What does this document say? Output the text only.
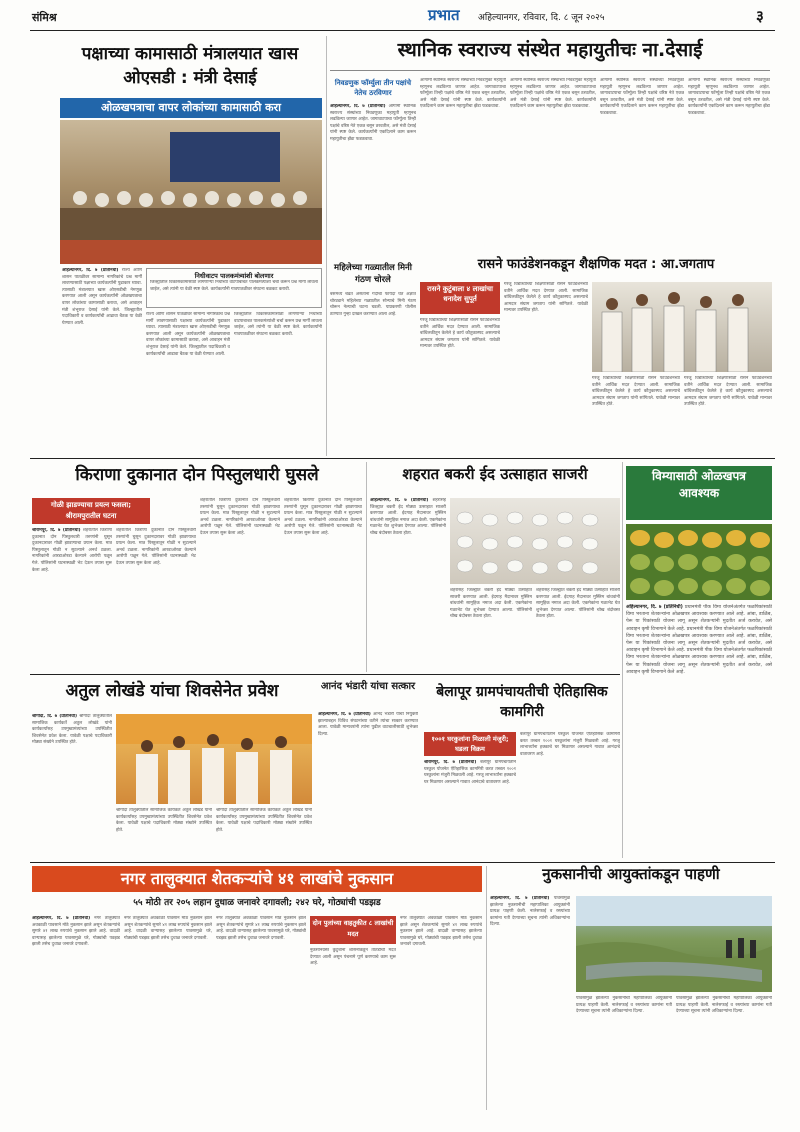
संमिश्र	प्रभात अहिल्यानगर, रविवार, दि. ८ जून २०२५	३
पक्षाच्या कामासाठी मंत्रालयात खास ओएसडी : मंत्री देसाई
ओळखपत्राचा वापर लोकांच्या कामासाठी करा
अहिल्यानगर, दि. ७ (प्रतिनिधी) राज्य आणि शासन पातळीवर सामान्य नागरिकांचे प्रश्न मार्गी लावण्यासाठी पक्षाच्या कार्यकर्त्यांनी पुढाकार घ्यावा. त्यासाठी मंत्रालयात खास ओएसडीची नेमणूक करण्यात आली असून कार्यकर्त्यांनी ओळखपत्राचा वापर लोकांच्या कामासाठी करावा, असे आवाहन मंत्री शंभूराज देसाई यांनी केले. जिल्ह्यातील पदाधिकारी व कार्यकर्त्यांची आढावा बैठक या वेळी घेण्यात आली.
निधीवाटप पालकमंत्र्यांशी बोलणार
जिल्ह्यातील विकासकामांसाठी लागणाऱ्या निधीच्या वाटपाबाबत पालकमंत्र्यांशी चर्चा करून प्रश्न मार्गी लावला जाईल, असे त्यांनी या वेळी स्पष्ट केले. कार्यकर्त्यांनी गावपातळीवर संघटना बळकट करावी.
राज्य आणि शासन पातळीवर सामान्य नागरिकांचे प्रश्न मार्गी लावण्यासाठी पक्षाच्या कार्यकर्त्यांनी पुढाकार घ्यावा. त्यासाठी मंत्रालयात खास ओएसडीची नेमणूक करण्यात आली असून कार्यकर्त्यांनी ओळखपत्राचा वापर लोकांच्या कामासाठी करावा, असे आवाहन मंत्री शंभूराज देसाई यांनी केले. जिल्ह्यातील पदाधिकारी व कार्यकर्त्यांची आढावा बैठक या वेळी घेण्यात आली.
जिल्ह्यातील विकासकामांसाठी लागणाऱ्या निधीच्या वाटपाबाबत पालकमंत्र्यांशी चर्चा करून प्रश्न मार्गी लावला जाईल, असे त्यांनी या वेळी स्पष्ट केले. कार्यकर्त्यांनी गावपातळीवर संघटना बळकट करावी.
स्थानिक स्वराज्य संस्थेत महायुतीचः ना.देसाई
निवडणुक फॉर्म्युला तीन पक्षांचे नेतेच ठरविणार
अहिल्यानगर, दि. ७ (प्रतिनिधी) आगामी स्थानिक स्वराज्य संस्थांच्या निवडणुका महायुती म्हणूनच लढविल्या जाणार आहेत. जागावाटपाचा फॉर्म्युला तिन्ही पक्षांचे वरिष्ठ नेते एकत्र बसून ठरवतील, असे मंत्री देसाई यांनी स्पष्ट केले. कार्यकर्त्यांनी एकदिलाने काम करून महायुतीचा झेंडा फडकवावा.
आगामी स्थानिक स्वराज्य संस्थांच्या निवडणुका महायुती म्हणूनच लढविल्या जाणार आहेत. जागावाटपाचा फॉर्म्युला तिन्ही पक्षांचे वरिष्ठ नेते एकत्र बसून ठरवतील, असे मंत्री देसाई यांनी स्पष्ट केले. कार्यकर्त्यांनी एकदिलाने काम करून महायुतीचा झेंडा फडकवावा.
आगामी स्थानिक स्वराज्य संस्थांच्या निवडणुका महायुती म्हणूनच लढविल्या जाणार आहेत. जागावाटपाचा फॉर्म्युला तिन्ही पक्षांचे वरिष्ठ नेते एकत्र बसून ठरवतील, असे मंत्री देसाई यांनी स्पष्ट केले. कार्यकर्त्यांनी एकदिलाने काम करून महायुतीचा झेंडा फडकवावा.
आगामी स्थानिक स्वराज्य संस्थांच्या निवडणुका महायुती म्हणूनच लढविल्या जाणार आहेत. जागावाटपाचा फॉर्म्युला तिन्ही पक्षांचे वरिष्ठ नेते एकत्र बसून ठरवतील, असे मंत्री देसाई यांनी स्पष्ट केले. कार्यकर्त्यांनी एकदिलाने काम करून महायुतीचा झेंडा फडकवावा.
आगामी स्थानिक स्वराज्य संस्थांच्या निवडणुका महायुती म्हणूनच लढविल्या जाणार आहेत. जागावाटपाचा फॉर्म्युला तिन्ही पक्षांचे वरिष्ठ नेते एकत्र बसून ठरवतील, असे मंत्री देसाई यांनी स्पष्ट केले. कार्यकर्त्यांनी एकदिलाने काम करून महायुतीचा झेंडा फडकवावा.
महिलेच्या गळ्यातील मिनी गंठण चोरले
बसमध्ये चढत असताना गर्दीचा फायदा घेत अज्ञात चोरट्याने महिलेच्या गळ्यातील सोन्याचे मिनी गंठण चोरून नेल्याची घटना घडली. याप्रकरणी पोलीस ठाण्यात गुन्हा दाखल करण्यात आला आहे.
रासने फाउंडेशनकडून शैक्षणिक मदत : आ.जगताप
रासने कुटुंबाला ४ लाखांचा धनादेश सुपूर्त
गरजू विद्यार्थ्यांच्या शिक्षणासाठी रासने फाउंडेशनच्या वतीने आर्थिक मदत देण्यात आली. सामाजिक बांधिलकीतून केलेले हे कार्य कौतुकास्पद असल्याचे आमदार संग्राम जगताप यांनी सांगितले. यावेळी मान्यवर उपस्थित होते.
गरजू विद्यार्थ्यांच्या शिक्षणासाठी रासने फाउंडेशनच्या वतीने आर्थिक मदत देण्यात आली. सामाजिक बांधिलकीतून केलेले हे कार्य कौतुकास्पद असल्याचे आमदार संग्राम जगताप यांनी सांगितले. यावेळी मान्यवर उपस्थित होते.
गरजू विद्यार्थ्यांच्या शिक्षणासाठी रासने फाउंडेशनच्या वतीने आर्थिक मदत देण्यात आली. सामाजिक बांधिलकीतून केलेले हे कार्य कौतुकास्पद असल्याचे आमदार संग्राम जगताप यांनी सांगितले. यावेळी मान्यवर उपस्थित होते.
गरजू विद्यार्थ्यांच्या शिक्षणासाठी रासने फाउंडेशनच्या वतीने आर्थिक मदत देण्यात आली. सामाजिक बांधिलकीतून केलेले हे कार्य कौतुकास्पद असल्याचे आमदार संग्राम जगताप यांनी सांगितले. यावेळी मान्यवर उपस्थित होते.
किराणा दुकानात दोन पिस्तुलधारी घुसले
गोळी झाडण्याचा प्रयत्न फसला; श्रीरामपुरातील घटना
श्रीरामपूर, दि. ७ (प्रतिनिधी) शहरातील किराणा दुकानात दोन पिस्तुलधारी तरुणांनी घुसून दुकानदारावर गोळी झाडण्याचा प्रयत्न केला. मात्र पिस्तुलातून गोळी न सुटल्याने अनर्थ टळला. नागरिकांनी आरडाओरडा केल्याने आरोपी पळून गेले. पोलिसांनी घटनास्थळी भेट देऊन तपास सुरू केला आहे.
शहरातील किराणा दुकानात दोन पिस्तुलधारी तरुणांनी घुसून दुकानदारावर गोळी झाडण्याचा प्रयत्न केला. मात्र पिस्तुलातून गोळी न सुटल्याने अनर्थ टळला. नागरिकांनी आरडाओरडा केल्याने आरोपी पळून गेले. पोलिसांनी घटनास्थळी भेट देऊन तपास सुरू केला आहे.
शहरातील किराणा दुकानात दोन पिस्तुलधारी तरुणांनी घुसून दुकानदारावर गोळी झाडण्याचा प्रयत्न केला. मात्र पिस्तुलातून गोळी न सुटल्याने अनर्थ टळला. नागरिकांनी आरडाओरडा केल्याने आरोपी पळून गेले. पोलिसांनी घटनास्थळी भेट देऊन तपास सुरू केला आहे.
शहरातील किराणा दुकानात दोन पिस्तुलधारी तरुणांनी घुसून दुकानदारावर गोळी झाडण्याचा प्रयत्न केला. मात्र पिस्तुलातून गोळी न सुटल्याने अनर्थ टळला. नागरिकांनी आरडाओरडा केल्याने आरोपी पळून गेले. पोलिसांनी घटनास्थळी भेट देऊन तपास सुरू केला आहे.
शहरात बकरी ईद उत्साहात साजरी
अहिल्यानगर, दि. ७ (प्रतिनिधी) शहरासह जिल्ह्यात बकरी ईद मोठ्या उत्साहात साजरी करण्यात आली. ईदगाह मैदानावर मुस्लिम बांधवांनी सामूहिक नमाज अदा केली. एकमेकांना गळाभेट घेत शुभेच्छा देण्यात आल्या. पोलिसांनी चोख बंदोबस्त ठेवला होता.
शहरासह जिल्ह्यात बकरी ईद मोठ्या उत्साहात साजरी करण्यात आली. ईदगाह मैदानावर मुस्लिम बांधवांनी सामूहिक नमाज अदा केली. एकमेकांना गळाभेट घेत शुभेच्छा देण्यात आल्या. पोलिसांनी चोख बंदोबस्त ठेवला होता.
शहरासह जिल्ह्यात बकरी ईद मोठ्या उत्साहात साजरी करण्यात आली. ईदगाह मैदानावर मुस्लिम बांधवांनी सामूहिक नमाज अदा केली. एकमेकांना गळाभेट घेत शुभेच्छा देण्यात आल्या. पोलिसांनी चोख बंदोबस्त ठेवला होता.
विम्यासाठी ओळखपत्र आवश्यक
अहिल्यानगर, दि. ७ (प्रतिनिधी) प्रधानमंत्री पीक विमा योजनेअंतर्गत फळपिकांसाठी विमा भरताना शेतकऱ्यांना ओळखपत्र आवश्यक करण्यात आले आहे. आंबा, डाळिंब, पेरू या पिकांसाठी योजना लागू असून शेतकऱ्यांनी मुदतीत अर्ज करावेत, असे आवाहन कृषी विभागाने केले आहे. प्रधानमंत्री पीक विमा योजनेअंतर्गत फळपिकांसाठी विमा भरताना शेतकऱ्यांना ओळखपत्र आवश्यक करण्यात आले आहे. आंबा, डाळिंब, पेरू या पिकांसाठी योजना लागू असून शेतकऱ्यांनी मुदतीत अर्ज करावेत, असे आवाहन कृषी विभागाने केले आहे. प्रधानमंत्री पीक विमा योजनेअंतर्गत फळपिकांसाठी विमा भरताना शेतकऱ्यांना ओळखपत्र आवश्यक करण्यात आले आहे. आंबा, डाळिंब, पेरू या पिकांसाठी योजना लागू असून शेतकऱ्यांनी मुदतीत अर्ज करावेत, असे आवाहन कृषी विभागाने केले आहे.
अतुल लोखंडे यांचा शिवसेनेत प्रवेश
श्रीगोंदा, दि. ७ (प्रतिनिधी) श्रीगोंदा तालुक्यातील सामाजिक कार्यकर्ते अतुल लोखंडे यांनी कार्यकर्त्यांसह उपमुख्यमंत्र्यांच्या उपस्थितीत शिवसेनेत प्रवेश केला. यावेळी पक्षाचे पदाधिकारी मोठ्या संख्येने उपस्थित होते.
श्रीगोंदा तालुक्यातील सामाजिक कार्यकर्ते अतुल लोखंडे यांनी कार्यकर्त्यांसह उपमुख्यमंत्र्यांच्या उपस्थितीत शिवसेनेत प्रवेश केला. यावेळी पक्षाचे पदाधिकारी मोठ्या संख्येने उपस्थित होते.
श्रीगोंदा तालुक्यातील सामाजिक कार्यकर्ते अतुल लोखंडे यांनी कार्यकर्त्यांसह उपमुख्यमंत्र्यांच्या उपस्थितीत शिवसेनेत प्रवेश केला. यावेळी पक्षाचे पदाधिकारी मोठ्या संख्येने उपस्थित होते.
आनंद भंडारी यांचा सत्कार
अहिल्यानगर, दि. ७ (प्रतिनिधी) आनंद भंडारी यांची नियुक्ती झाल्याबद्दल विविध संघटनांच्या वतीने त्यांचा सत्कार करण्यात आला. यावेळी मान्यवरांनी त्यांना पुढील वाटचालीसाठी शुभेच्छा दिल्या.
बेलापूर ग्रामपंचायतीची ऐतिहासिक कामगिरी
१००१ घरकुलांना मिळाली मंजुरी; घडला विक्रम
श्रीरामपूर, दि. ७ (प्रतिनिधी) बेलापूर ग्रामपंचायतीने घरकुल योजनेत ऐतिहासिक कामगिरी करत तब्बल १००१ घरकुलांना मंजुरी मिळवली आहे. गरजू लाभार्थ्यांना हक्काचे घर मिळणार असल्याने गावात आनंदाचे वातावरण आहे.
बेलापूर ग्रामपंचायतीने घरकुल योजनेत ऐतिहासिक कामगिरी करत तब्बल १००१ घरकुलांना मंजुरी मिळवली आहे. गरजू लाभार्थ्यांना हक्काचे घर मिळणार असल्याने गावात आनंदाचे वातावरण आहे.
नगर तालुक्यात शेतकऱ्यांचे ४१ लाखांचे नुकसान
५५ मोठी तर २०५ लहान दुधाळ जनावरे दगावली; २४२ घरे, गोठ्यांची पडझड
अहिल्यानगर, दि. ७ (प्रतिनिधी) नगर तालुक्यात अवकाळी पावसाने मोठे नुकसान झाले असून शेतकऱ्यांचे सुमारे ४१ लाख रुपयांचे नुकसान झाले आहे. वादळी वाऱ्यासह झालेल्या पावसामुळे घरे, गोठ्यांची पडझड झाली तसेच दुधाळ जनावरे दगावली.
नगर तालुक्यात अवकाळी पावसाने मोठे नुकसान झाले असून शेतकऱ्यांचे सुमारे ४१ लाख रुपयांचे नुकसान झाले आहे. वादळी वाऱ्यासह झालेल्या पावसामुळे घरे, गोठ्यांची पडझड झाली तसेच दुधाळ जनावरे दगावली.
नगर तालुक्यात अवकाळी पावसाने मोठे नुकसान झाले असून शेतकऱ्यांचे सुमारे ४१ लाख रुपयांचे नुकसान झाले आहे. वादळी वाऱ्यासह झालेल्या पावसामुळे घरे, गोठ्यांची पडझड झाली तसेच दुधाळ जनावरे दगावली.
दोन पुलांच्या वाहतुकीत ८ लाखांची मदत
नुकसानग्रस्त कुटुंबांना शासनाकडून तातडीची मदत देण्यात आली असून पंचनामे पूर्ण करण्याचे काम सुरू आहे.
नगर तालुक्यात अवकाळी पावसाने मोठे नुकसान झाले असून शेतकऱ्यांचे सुमारे ४१ लाख रुपयांचे नुकसान झाले आहे. वादळी वाऱ्यासह झालेल्या पावसामुळे घरे, गोठ्यांची पडझड झाली तसेच दुधाळ जनावरे दगावली.
नुकसानीची आयुक्तांकडून पाहणी
अहिल्यानगर, दि. ७ (प्रतिनिधी) पावसामुळे झालेल्या नुकसानीची महापालिका आयुक्तांनी प्रत्यक्ष पाहणी केली. नालेसफाई व रस्त्यांच्या कामांना गती देण्याच्या सूचना त्यांनी अधिकाऱ्यांना दिल्या.
पावसामुळे झालेल्या नुकसानीची महापालिका आयुक्तांनी प्रत्यक्ष पाहणी केली. नालेसफाई व रस्त्यांच्या कामांना गती देण्याच्या सूचना त्यांनी अधिकाऱ्यांना दिल्या.
पावसामुळे झालेल्या नुकसानीची महापालिका आयुक्तांनी प्रत्यक्ष पाहणी केली. नालेसफाई व रस्त्यांच्या कामांना गती देण्याच्या सूचना त्यांनी अधिकाऱ्यांना दिल्या.
